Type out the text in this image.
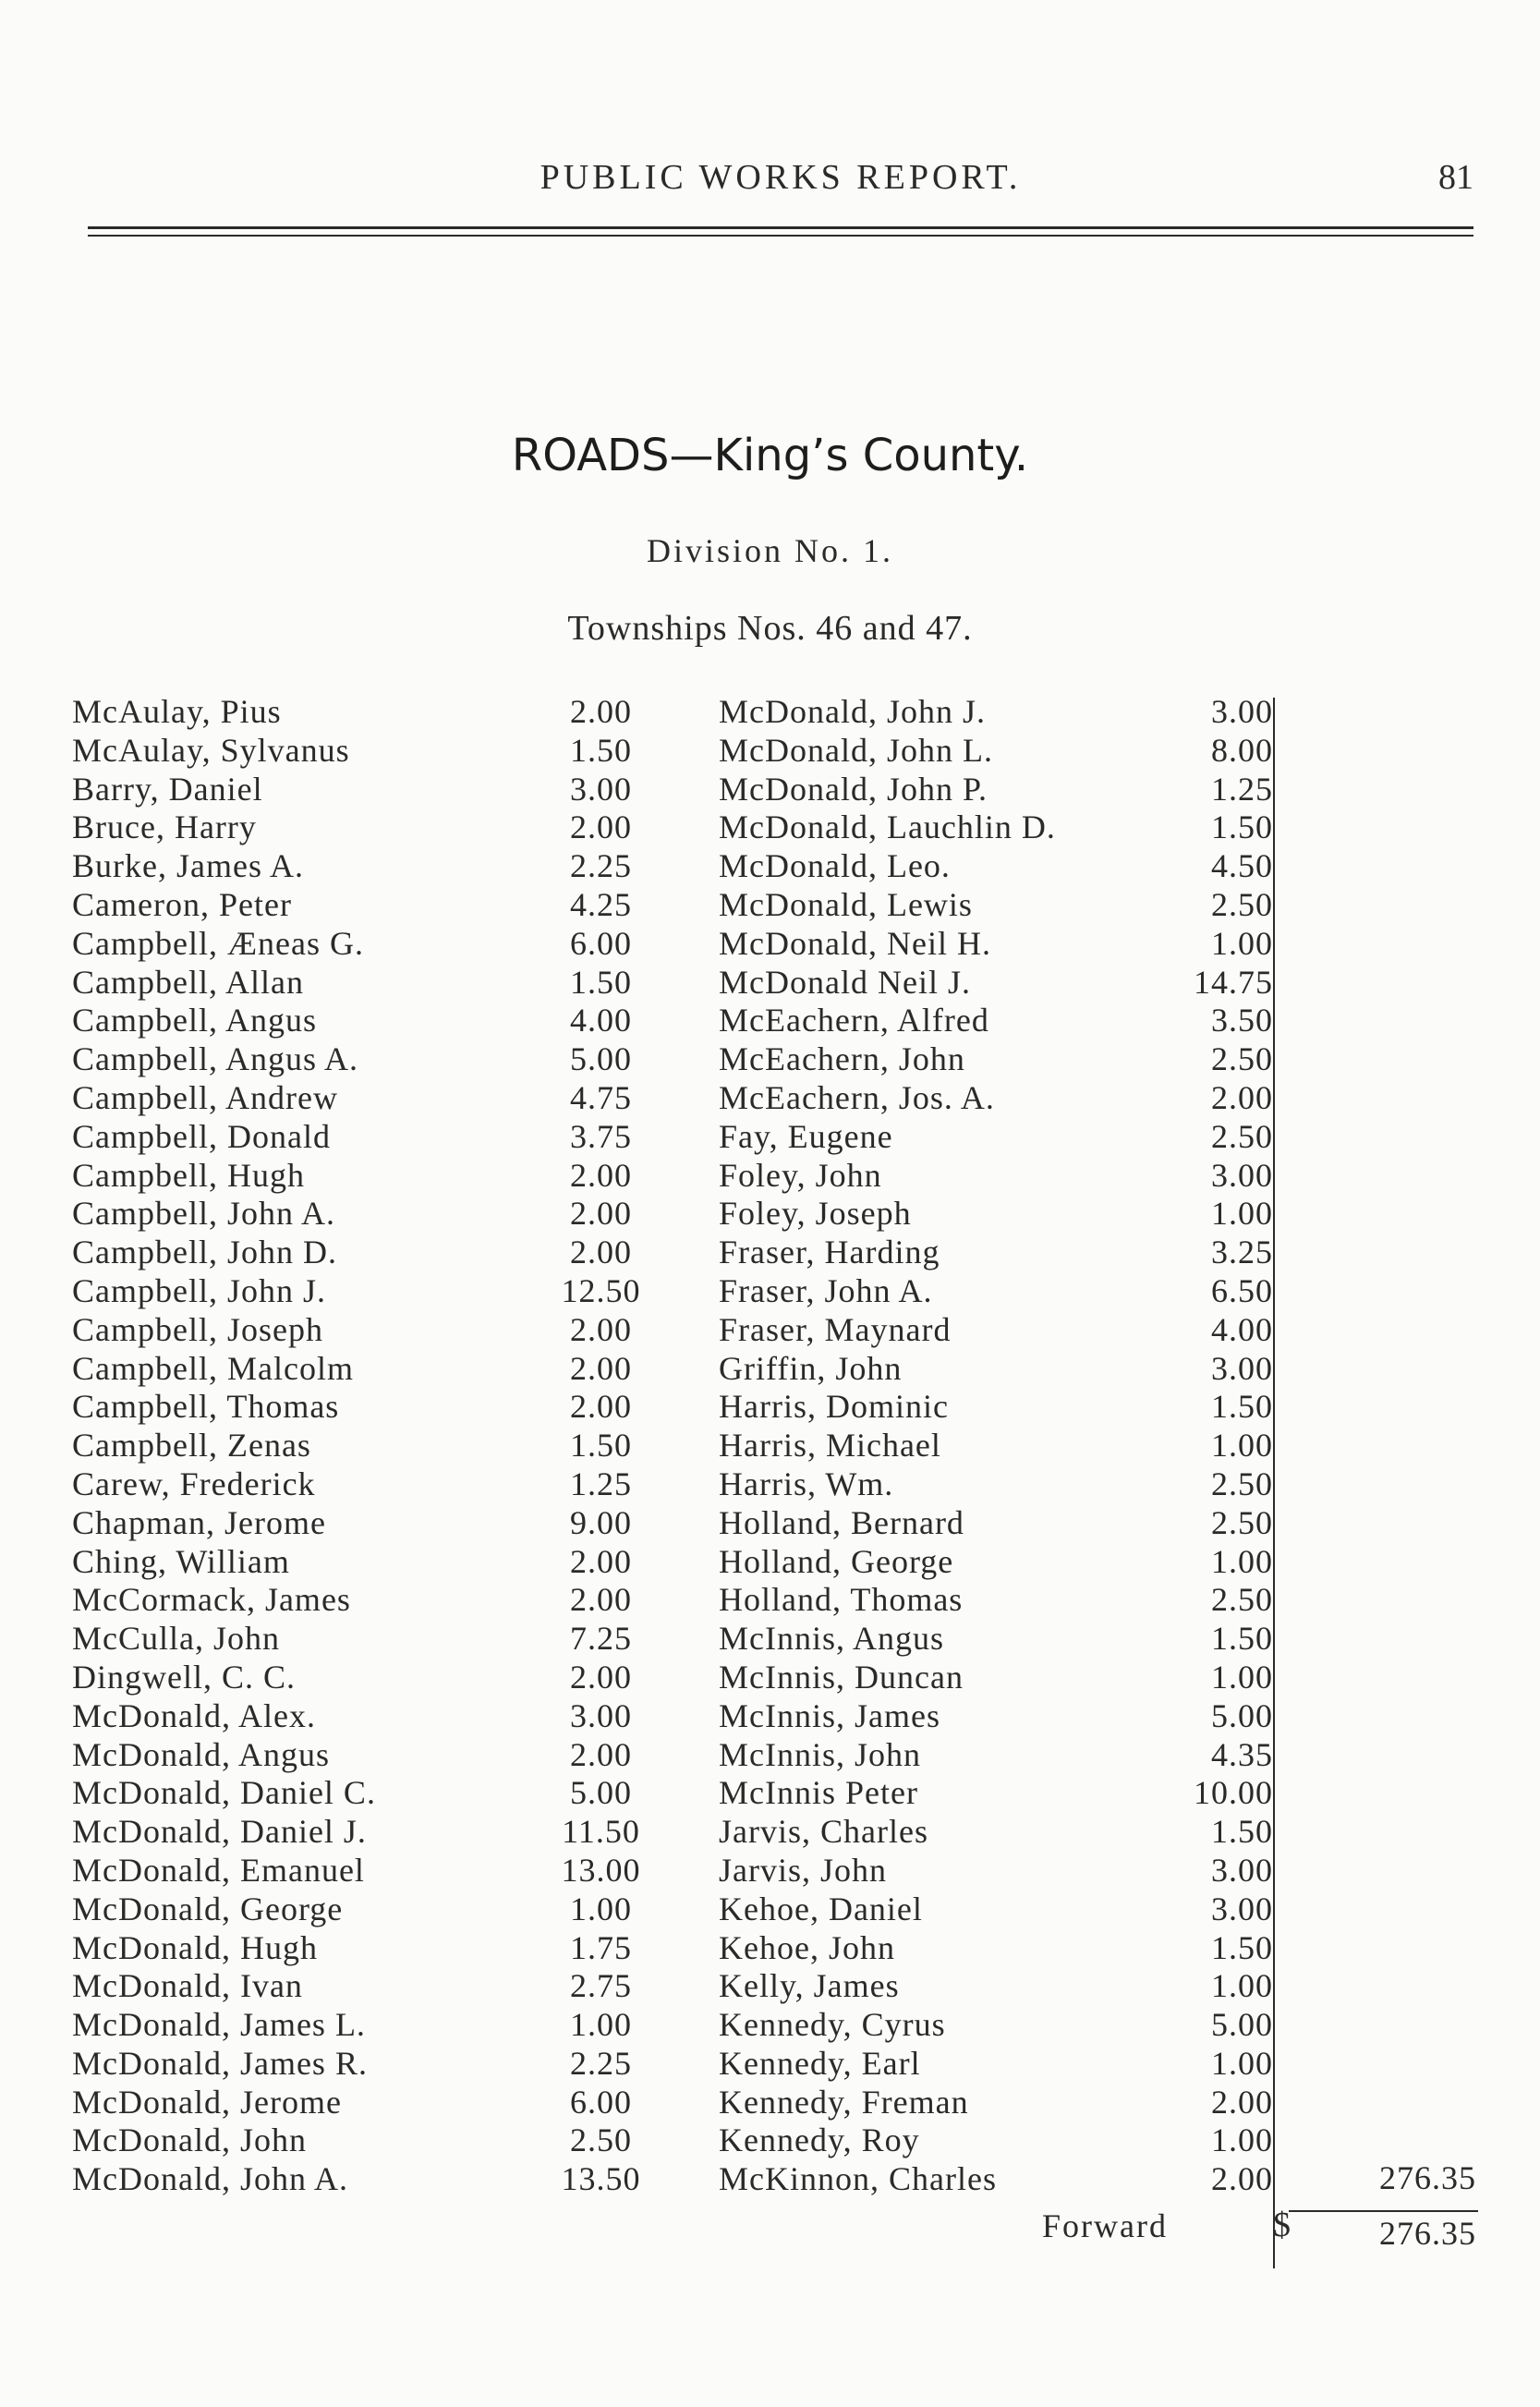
PUBLIC WORKS REPORT.	81
ROADS—King’s County.
Division No. 1.
Townships Nos. 46 and 47.
McAulay, Pius	2.00
McAulay, Sylvanus	1.50
Barry, Daniel	3.00
Bruce, Harry	2.00
Burke, James A.	2.25
Cameron, Peter	4.25
Campbell, Æneas G.	6.00
Campbell, Allan	1.50
Campbell, Angus	4.00
Campbell, Angus A.	5.00
Campbell, Andrew	4.75
Campbell, Donald	3.75
Campbell, Hugh	2.00
Campbell, John A.	2.00
Campbell, John D.	2.00
Campbell, John J.	12.50
Campbell, Joseph	2.00
Campbell, Malcolm	2.00
Campbell, Thomas	2.00
Campbell, Zenas	1.50
Carew, Frederick	1.25
Chapman, Jerome	9.00
Ching, William	2.00
McCormack, James	2.00
McCulla, John	7.25
Dingwell, C. C.	2.00
McDonald, Alex.	3.00
McDonald, Angus	2.00
McDonald, Daniel C.	5.00
McDonald, Daniel J.	11.50
McDonald, Emanuel	13.00
McDonald, George	1.00
McDonald, Hugh	1.75
McDonald, Ivan	2.75
McDonald, James L.	1.00
McDonald, James R.	2.25
McDonald, Jerome	6.00
McDonald, John	2.50
McDonald, John A.	13.50
McDonald, John J.	3.00
McDonald, John L.	8.00
McDonald, John P.	1.25
McDonald, Lauchlin D.	1.50
McDonald, Leo.	4.50
McDonald, Lewis	2.50
McDonald, Neil H.	1.00
McDonald Neil J.	14.75
McEachern, Alfred	3.50
McEachern, John	2.50
McEachern, Jos. A.	2.00
Fay, Eugene	2.50
Foley, John	3.00
Foley, Joseph	1.00
Fraser, Harding	3.25
Fraser, John A.	6.50
Fraser, Maynard	4.00
Griffin, John	3.00
Harris, Dominic	1.50
Harris, Michael	1.00
Harris, Wm.	2.50
Holland, Bernard	2.50
Holland, George	1.00
Holland, Thomas	2.50
McInnis, Angus	1.50
McInnis, Duncan	1.00
McInnis, James	5.00
McInnis, John	4.35
McInnis Peter	10.00
Jarvis, Charles	1.50
Jarvis, John	3.00
Kehoe, Daniel	3.00
Kehoe, John	1.50
Kelly, James	1.00
Kennedy, Cyrus	5.00
Kennedy, Earl	1.00
Kennedy, Freman	2.00
Kennedy, Roy	1.00
McKinnon, Charles	2.00	276.35
Forward	$	276.35
